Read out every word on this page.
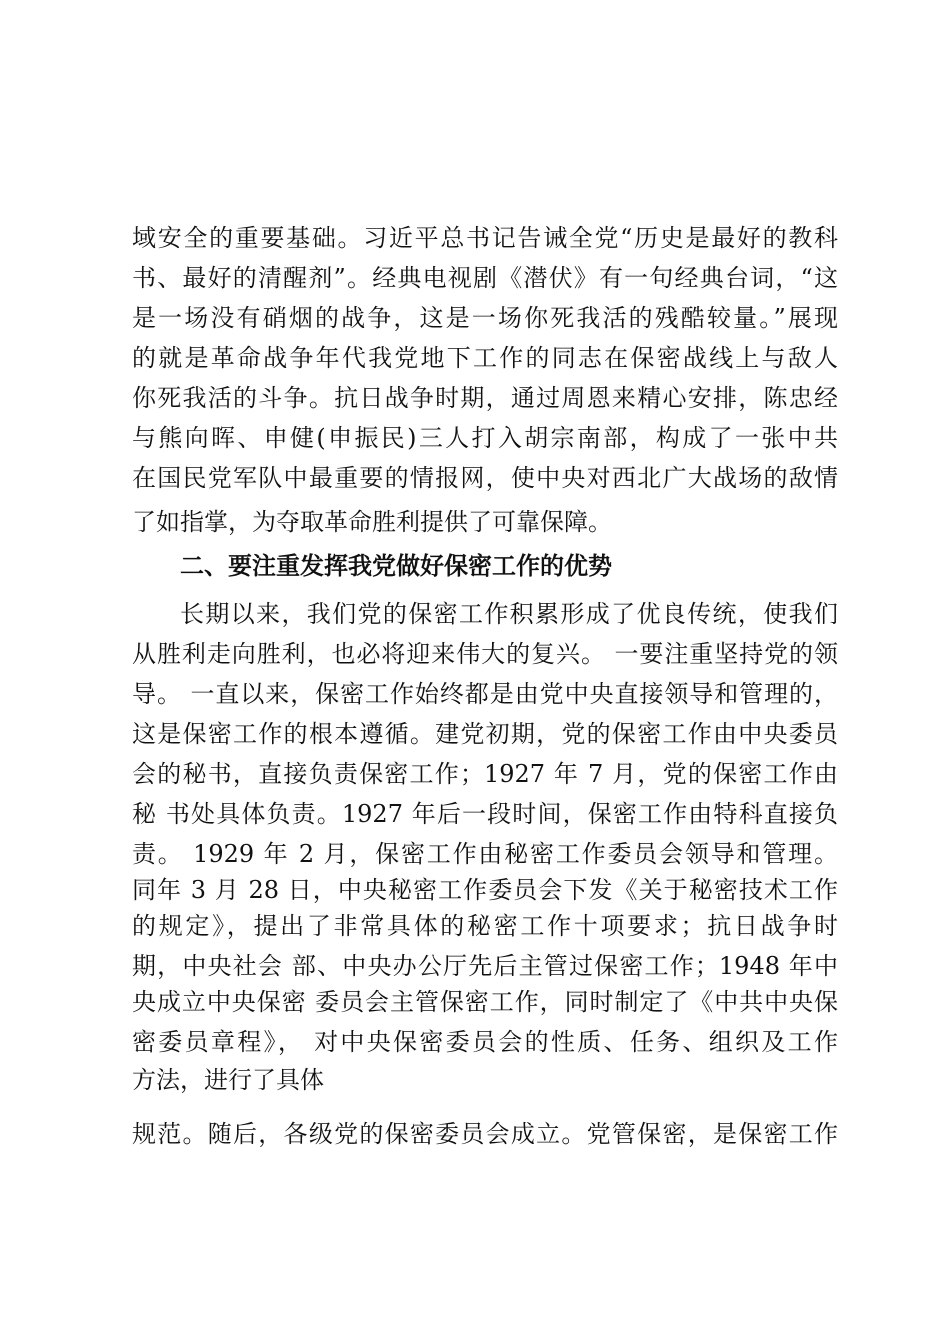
域安全的重要基础。习近平总书记告诫全党“历史是最好的教科
书、最好的清醒剂”。经典电视剧《潜伏》有一句经典台词，“这
是一场没有硝烟的战争，这是一场你死我活的残酷较量。”展现
的就是革命战争年代我党地下工作的同志在保密战线上与敌人
你死我活的斗争。抗日战争时期，通过周恩来精心安排，陈忠经
与熊向晖、申健(申振民)三人打入胡宗南部，构成了一张中共
在国民党军队中最重要的情报网，使中央对西北广大战场的敌情
了如指掌，为夺取革命胜利提供了可靠保障。
二、要注重发挥我党做好保密工作的优势
长期以来，我们党的保密工作积累形成了优良传统，使我们
从胜利走向胜利，也必将迎来伟大的复兴。 一要注重坚持党的领
导。 一直以来，保密工作始终都是由党中央直接领导和管理的，
这是保密工作的根本遵循。建党初期，党的保密工作由中央委员
会的秘书，直接负责保密工作；1927 年 7 月，党的保密工作由
秘 书处具体负责。1927 年后一段时间，保密工作由特科直接负
责。 1929 年 2 月，保密工作由秘密工作委员会领导和管理。
同年 3 月 28 日，中央秘密工作委员会下发《关于秘密技术工作
的规定》，提出了非常具体的秘密工作十项要求；抗日战争时
期，中央社会 部、中央办公厅先后主管过保密工作；1948 年中
央成立中央保密 委员会主管保密工作，同时制定了《中共中央保
密委员章程》， 对中央保密委员会的性质、任务、组织及工作
方法，进行了具体
规范。随后，各级党的保密委员会成立。党管保密，是保密工作
